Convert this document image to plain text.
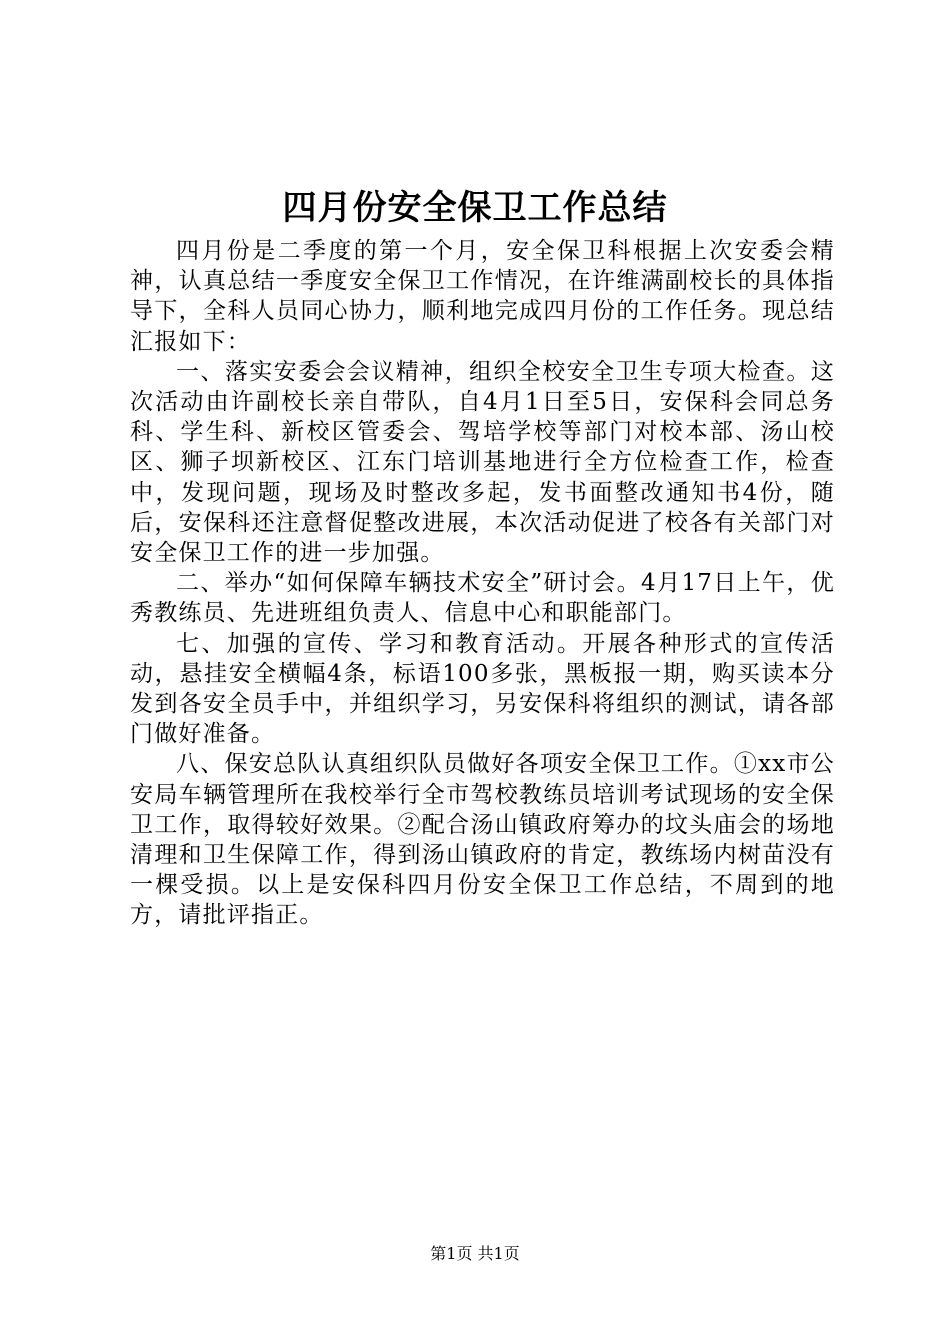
四月份安全保卫工作总结

四月份是二季度的第一个月，安全保卫科根据上次安委会精神，认真总结一季度安全保卫工作情况，在许维满副校长的具体指导下，全科人员同心协力，顺利地完成四月份的工作任务。现总结汇报如下：

一、落实安委会会议精神，组织全校安全卫生专项大检查。这次活动由许副校长亲自带队，自4月1日至5日，安保科会同总务科、学生科、新校区管委会、驾培学校等部门对校本部、汤山校区、狮子坝新校区、江东门培训基地进行全方位检查工作，检查中，发现问题，现场及时整改多起，发书面整改通知书4份，随后，安保科还注意督促整改进展，本次活动促进了校各有关部门对安全保卫工作的进一步加强。

二、举办“如何保障车辆技术安全”研讨会。4月17日上午，优秀教练员、先进班组负责人、信息中心和职能部门。

七、加强的宣传、学习和教育活动。开展各种形式的宣传活动，悬挂安全横幅4条，标语100多张，黑板报一期，购买读本分发到各安全员手中，并组织学习，另安保科将组织的测试，请各部门做好准备。

八、保安总队认真组织队员做好各项安全保卫工作。①xx市公安局车辆管理所在我校举行全市驾校教练员培训考试现场的安全保卫工作，取得较好效果。②配合汤山镇政府筹办的坟头庙会的场地清理和卫生保障工作，得到汤山镇政府的肯定，教练场内树苗没有一棵受损。以上是安保科四月份安全保卫工作总结，不周到的地方，请批评指正。

第1页 共1页
